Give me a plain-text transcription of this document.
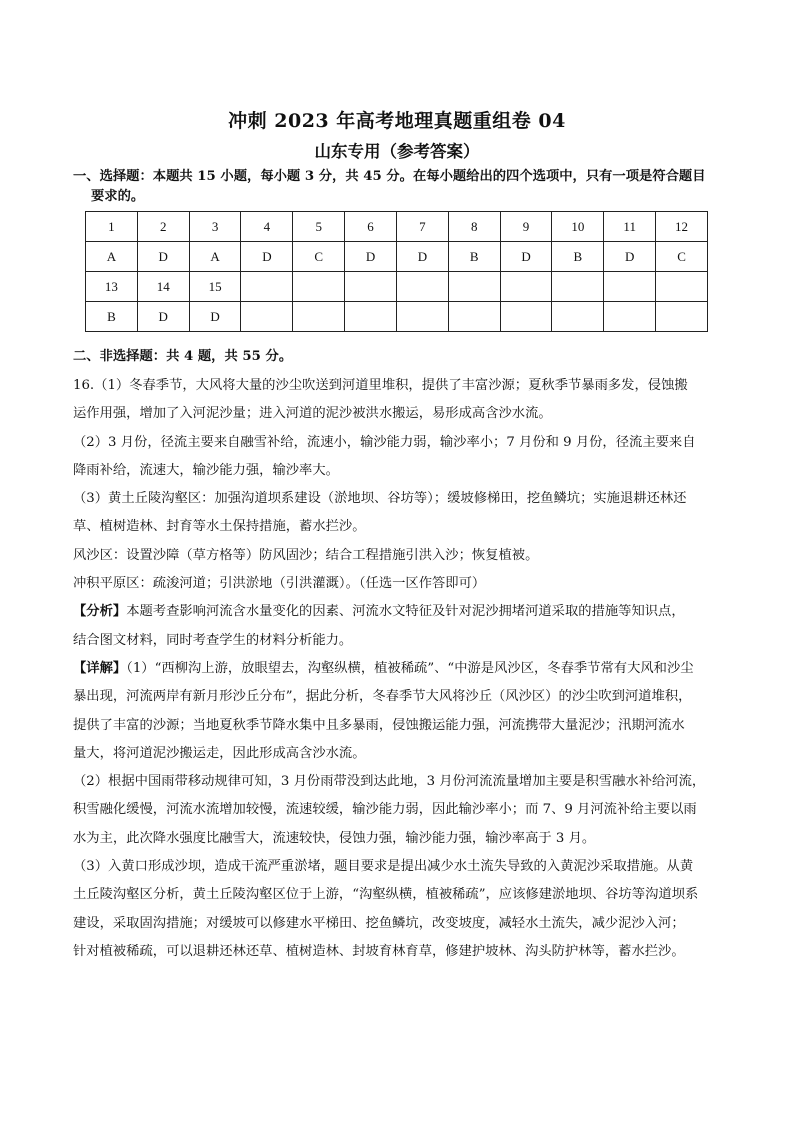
冲刺 2023 年高考地理真题重组卷 04
山东专用（参考答案）
一、选择题：本题共 15 小题，每小题 3 分，共 45 分。在每小题给出的四个选项中，只有一项是符合题目
要求的。
1	2	3	4	5	6	7	8	9	10	11	12
A	D	A	D	C	D	D	B	D	B	D	C
13	14	15									
B	D	D									
二、非选择题：共 4 题，共 55 分。

16.（1）冬春季节，大风将大量的沙尘吹送到河道里堆积，提供了丰富沙源；夏秋季节暴雨多发，侵蚀搬

运作用强，增加了入河泥沙量；进入河道的泥沙被洪水搬运，易形成高含沙水流。

（2）3 月份，径流主要来自融雪补给，流速小，输沙能力弱，输沙率小；7 月份和 9 月份，径流主要来自

降雨补给，流速大，输沙能力强，输沙率大。

（3）黄土丘陵沟壑区：加强沟道坝系建设（淤地坝、谷坊等）；缓坡修梯田，挖鱼鳞坑；实施退耕还林还

草、植树造林、封育等水土保持措施，蓄水拦沙。

风沙区：设置沙障（草方格等）防风固沙；结合工程措施引洪入沙；恢复植被。

冲积平原区：疏浚河道；引洪淤地（引洪灌溉）。（任选一区作答即可）

【分析】本题考查影响河流含水量变化的因素、河流水文特征及针对泥沙拥堵河道采取的措施等知识点，

结合图文材料，同时考查学生的材料分析能力。

【详解】（1）“西柳沟上游，放眼望去，沟壑纵横，植被稀疏”、“中游是风沙区，冬春季节常有大风和沙尘

暴出现，河流两岸有新月形沙丘分布”，据此分析，冬春季节大风将沙丘（风沙区）的沙尘吹到河道堆积，

提供了丰富的沙源；当地夏秋季节降水集中且多暴雨，侵蚀搬运能力强，河流携带大量泥沙；汛期河流水

量大，将河道泥沙搬运走，因此形成高含沙水流。

（2）根据中国雨带移动规律可知，3 月份雨带没到达此地，3 月份河流流量增加主要是积雪融水补给河流，

积雪融化缓慢，河流水流增加较慢，流速较缓，输沙能力弱，因此输沙率小；而 7、9 月河流补给主要以雨

水为主，此次降水强度比融雪大，流速较快，侵蚀力强，输沙能力强，输沙率高于 3 月。

（3）入黄口形成沙坝，造成干流严重淤堵，题目要求是提出减少水土流失导致的入黄泥沙采取措施。从黄

土丘陵沟壑区分析，黄土丘陵沟壑区位于上游，“沟壑纵横，植被稀疏”，应该修建淤地坝、谷坊等沟道坝系

建设，采取固沟措施；对缓坡可以修建水平梯田、挖鱼鳞坑，改变坡度，减轻水土流失，减少泥沙入河；

针对植被稀疏，可以退耕还林还草、植树造林、封坡育林育草，修建护坡林、沟头防护林等，蓄水拦沙。
